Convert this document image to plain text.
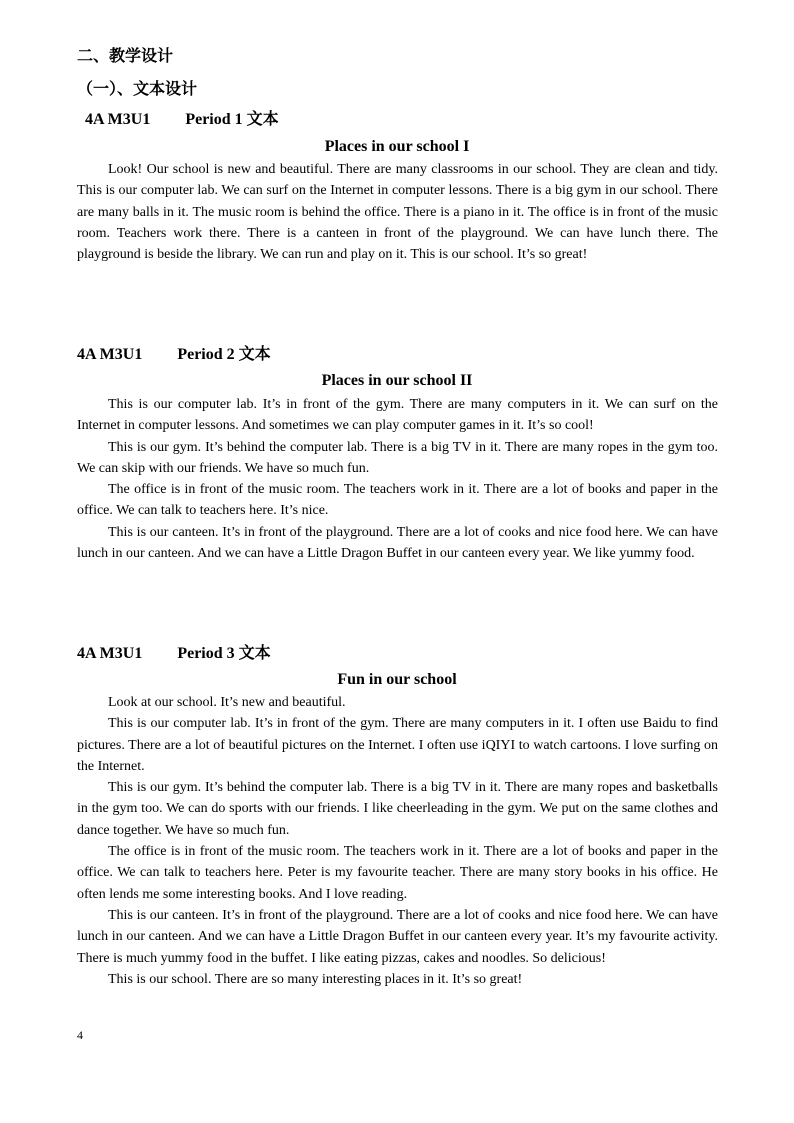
二、教学设计
（一）、文本设计
4A M3U1 Period 1 文本
Places in our school I

Look! Our school is new and beautiful. There are many classrooms in our school. They are clean and tidy. This is our computer lab. We can surf on the Internet in computer lessons. There is a big gym in our school. There are many balls in it. The music room is behind the office. There is a piano in it. The office is in front of the music room. Teachers work there. There is a canteen in front of the playground. We can have lunch there. The playground is beside the library. We can run and play on it. This is our school. It’s so great!

4A M3U1 Period 2 文本
Places in our school II

This is our computer lab. It’s in front of the gym. There are many computers in it. We can surf on the Internet in computer lessons. And sometimes we can play computer games in it. It’s so cool!

This is our gym. It’s behind the computer lab. There is a big TV in it. There are many ropes in the gym too. We can skip with our friends. We have so much fun.

The office is in front of the music room. The teachers work in it. There are a lot of books and paper in the office. We can talk to teachers here. It’s nice.

This is our canteen. It’s in front of the playground. There are a lot of cooks and nice food here. We can have lunch in our canteen. And we can have a Little Dragon Buffet in our canteen every year. We like yummy food.

4A M3U1 Period 3 文本
Fun in our school

Look at our school. It’s new and beautiful.

This is our computer lab. It’s in front of the gym. There are many computers in it. I often use Baidu to find pictures. There are a lot of beautiful pictures on the Internet. I often use iQIYI to watch cartoons. I love surfing on the Internet.

This is our gym. It’s behind the computer lab. There is a big TV in it. There are many ropes and basketballs in the gym too. We can do sports with our friends. I like cheerleading in the gym. We put on the same clothes and dance together. We have so much fun.

The office is in front of the music room. The teachers work in it. There are a lot of books and paper in the office. We can talk to teachers here. Peter is my favourite teacher. There are many story books in his office. He often lends me some interesting books. And I love reading.

This is our canteen. It’s in front of the playground. There are a lot of cooks and nice food here. We can have lunch in our canteen. And we can have a Little Dragon Buffet in our canteen every year. It’s my favourite activity. There is much yummy food in the buffet. I like eating pizzas, cakes and noodles. So delicious!

This is our school. There are so many interesting places in it. It’s so great!

4
